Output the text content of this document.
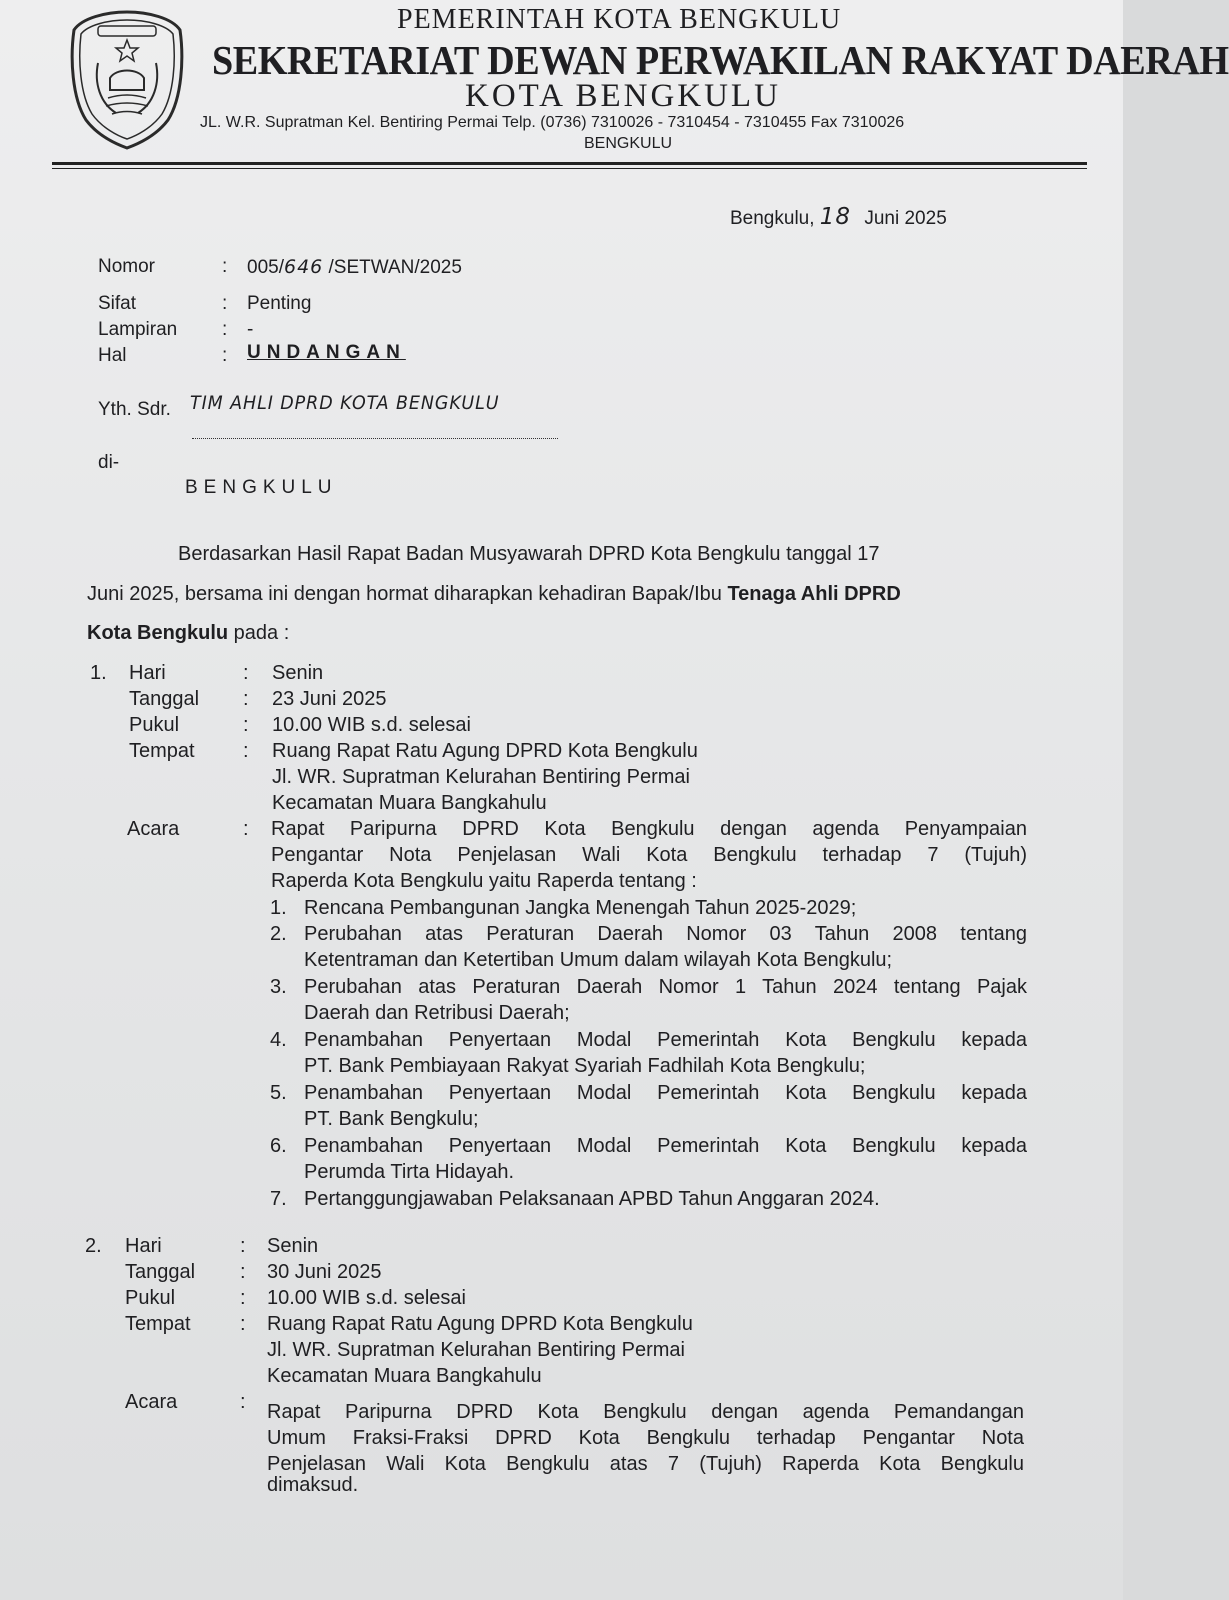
PEMERINTAH KOTA BENGKULU
SEKRETARIAT DEWAN PERWAKILAN RAKYAT DAERAH
KOTA BENGKULU
JL. W.R. Supratman Kel. Bentiring Permai Telp. (0736) 7310026 - 7310454 - 7310455 Fax 7310026
BENGKULU
Bengkulu, 18 Juni 2025
Nomor	: 005/646 /SETWAN/2025
Sifat	: Penting
Lampiran : -
Hal	: UNDANGAN
Yth. Sdr. TIM AHLI DPRD KOTA BENGKULU
di-
BENGKULU
Berdasarkan Hasil Rapat Badan Musyawarah DPRD Kota Bengkulu tanggal 17
Juni 2025, bersama ini dengan hormat diharapkan kehadiran Bapak/Ibu Tenaga Ahli DPRD
Kota Bengkulu pada :
1. Hari	: Senin
Tanggal : 23 Juni 2025
Pukul	: 10.00 WIB s.d. selesai
Tempat : Ruang Rapat Ratu Agung DPRD Kota Bengkulu
Jl. WR. Supratman Kelurahan Bentiring Permai
Kecamatan Muara Bangkahulu
Acara	: Rapat Paripurna DPRD Kota Bengkulu dengan agenda Penyampaian
Pengantar Nota Penjelasan Wali Kota Bengkulu terhadap 7 (Tujuh)
Raperda Kota Bengkulu yaitu Raperda tentang :
1. Rencana Pembangunan Jangka Menengah Tahun 2025-2029;
2. Perubahan atas Peraturan Daerah Nomor 03 Tahun 2008 tentang
Ketentraman dan Ketertiban Umum dalam wilayah Kota Bengkulu;
3. Perubahan atas Peraturan Daerah Nomor 1 Tahun 2024 tentang Pajak
Daerah dan Retribusi Daerah;
4. Penambahan Penyertaan Modal Pemerintah Kota Bengkulu kepada
PT. Bank Pembiayaan Rakyat Syariah Fadhilah Kota Bengkulu;
5. Penambahan Penyertaan Modal Pemerintah Kota Bengkulu kepada
PT. Bank Bengkulu;
6. Penambahan Penyertaan Modal Pemerintah Kota Bengkulu kepada
Perumda Tirta Hidayah.
7. Pertanggungjawaban Pelaksanaan APBD Tahun Anggaran 2024.
2. Hari	: Senin
Tanggal : 30 Juni 2025
Pukul	: 10.00 WIB s.d. selesai
Tempat : Ruang Rapat Ratu Agung DPRD Kota Bengkulu
Jl. WR. Supratman Kelurahan Bentiring Permai
Kecamatan Muara Bangkahulu
Acara	: Rapat Paripurna DPRD Kota Bengkulu dengan agenda Pemandangan
Umum Fraksi-Fraksi DPRD Kota Bengkulu terhadap Pengantar Nota
Penjelasan Wali Kota Bengkulu atas 7 (Tujuh) Raperda Kota Bengkulu
dimaksud.
